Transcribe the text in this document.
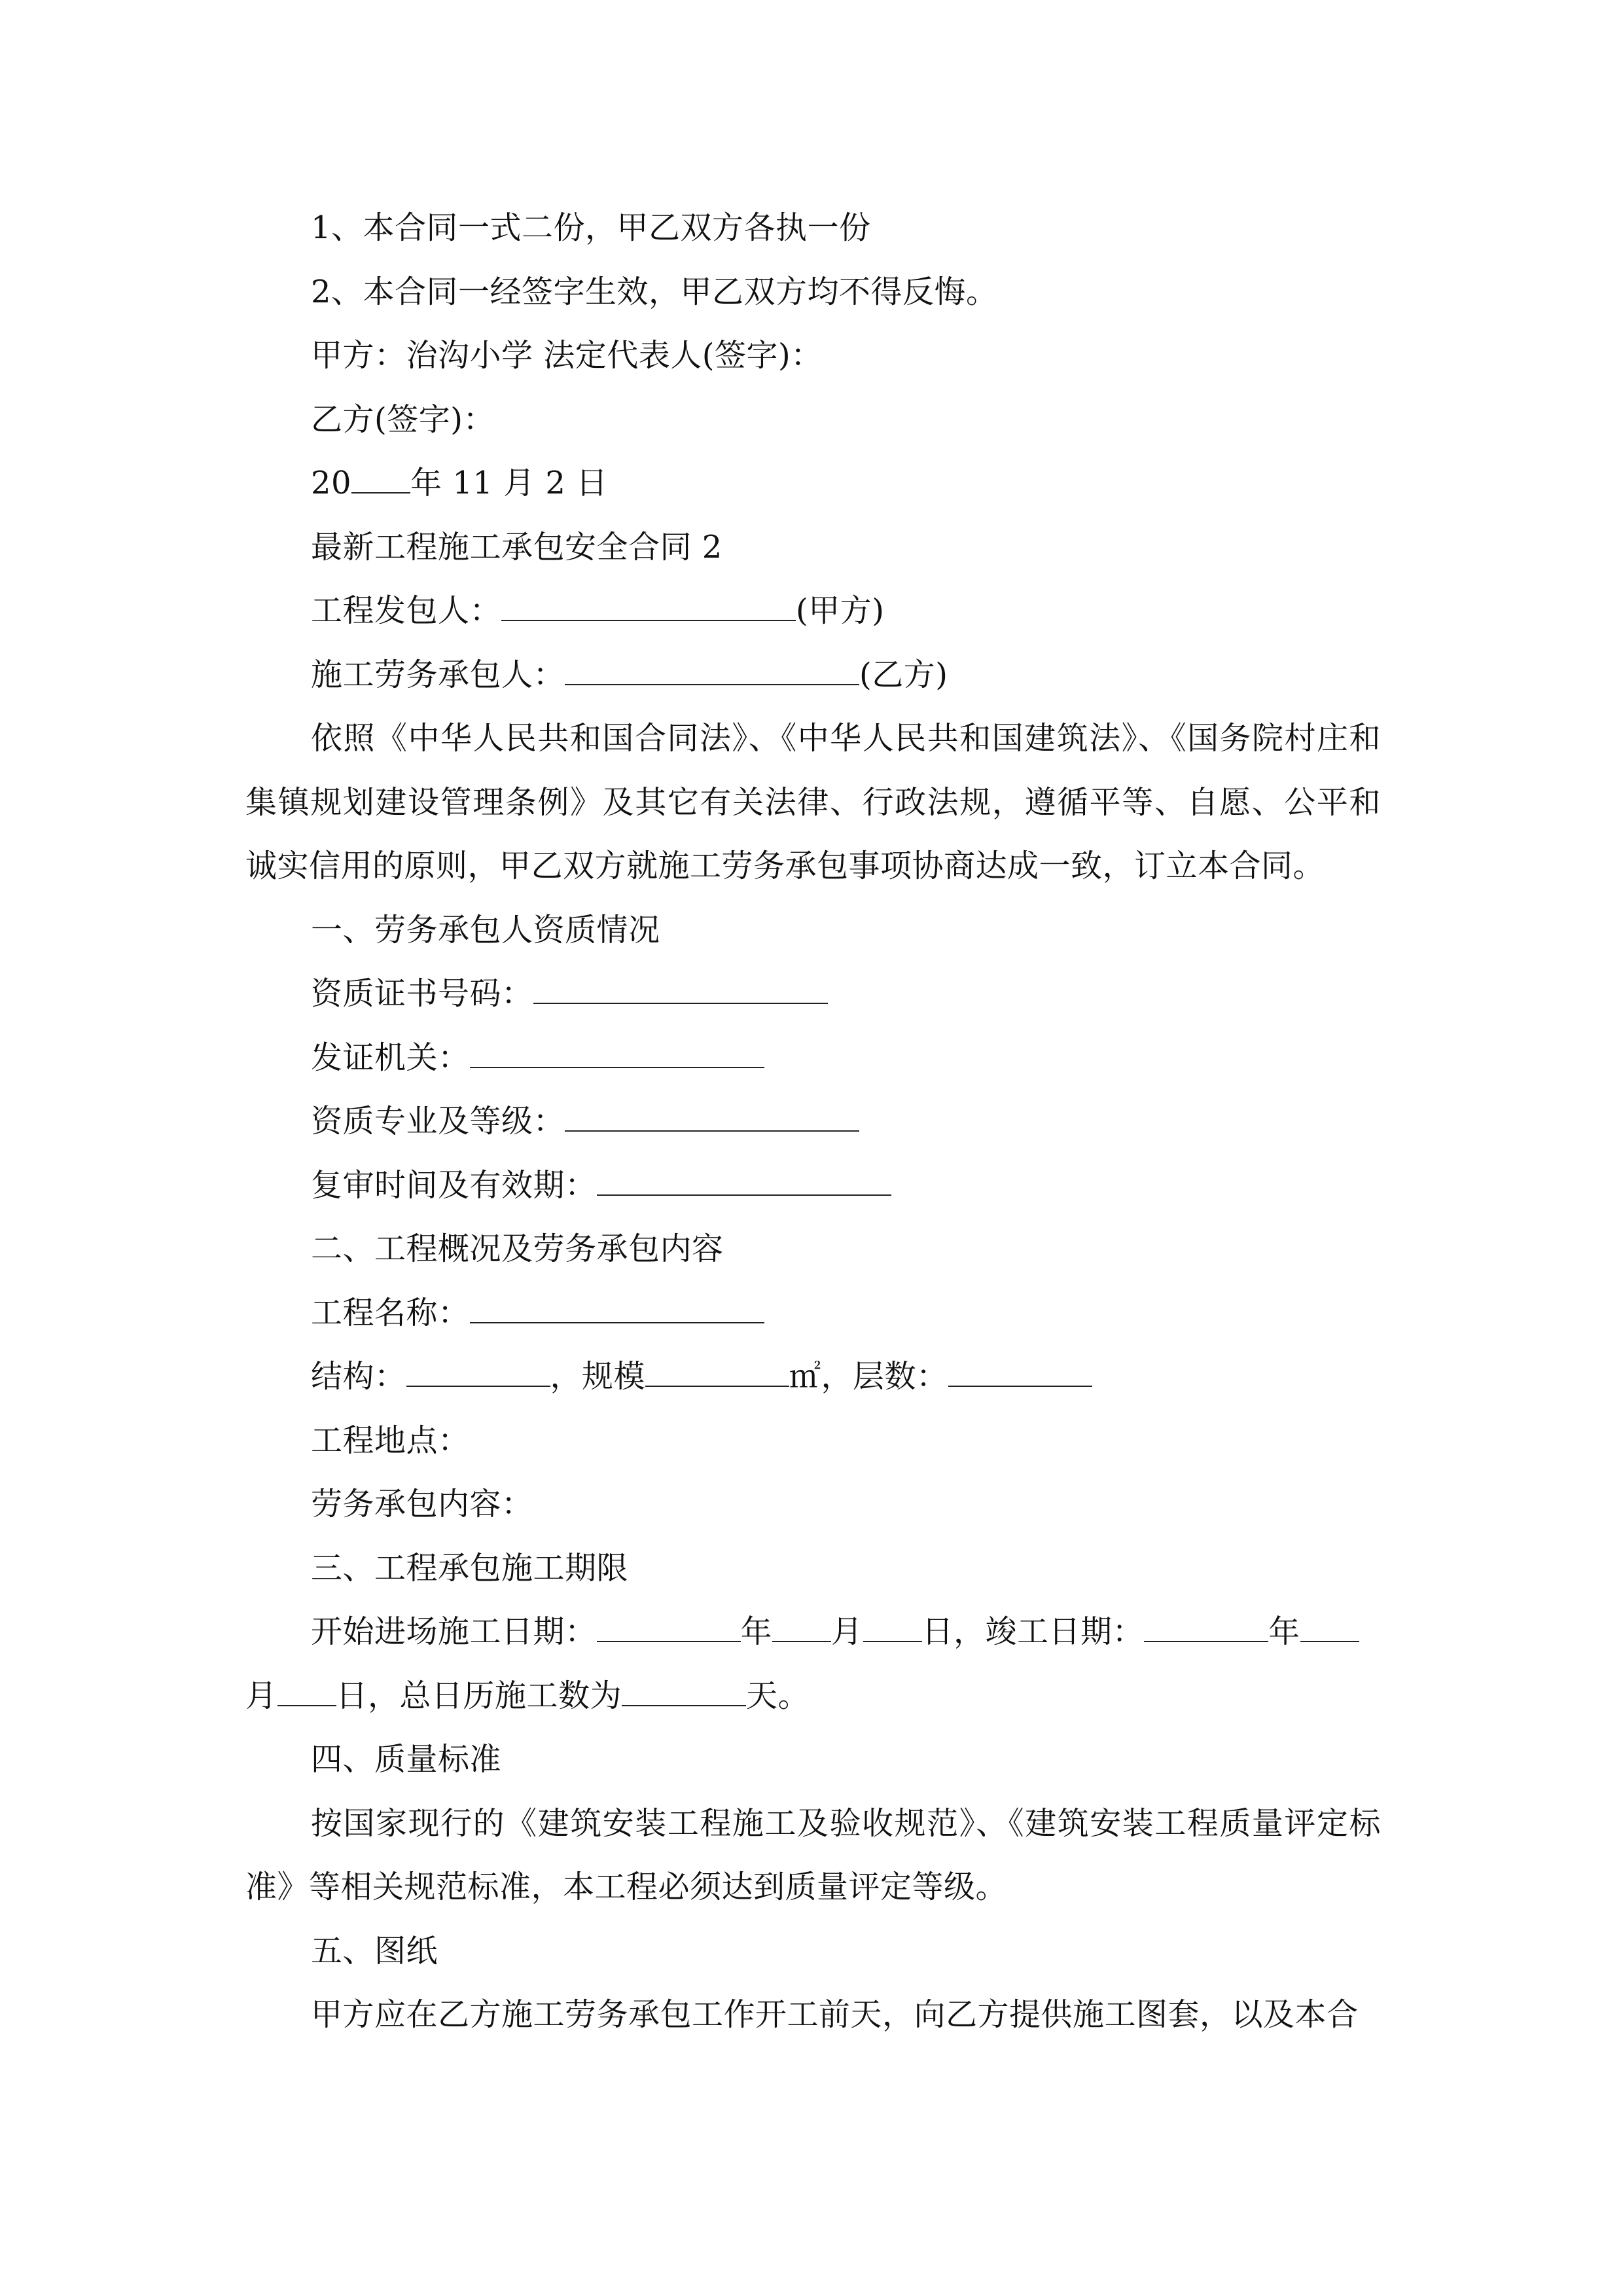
1、本合同一式二份，甲乙双方各执一份
2、本合同一经签字生效，甲乙双方均不得反悔。
甲方：治沟小学 法定代表人(签字)：
乙方(签字)：
20 年 11 月 2 日
最新工程施工承包安全合同 2
工程发包人：	(甲方)
施工劳务承包人：	(乙方)
依照《中华人民共和国合同法》、《中华人民共和国建筑法》、《国务院村庄和集镇规划建设管理条例》及其它有关法律、行政法规，遵循平等、自愿、公平和诚实信用的原则，甲乙双方就施工劳务承包事项协商达成一致，订立本合同。
一、劳务承包人资质情况
资质证书号码：
发证机关：
资质专业及等级：
复审时间及有效期：
二、工程概况及劳务承包内容
工程名称：
结构：	，规模	㎡，层数：
工程地点：
劳务承包内容：
三、工程承包施工期限
开始进场施工日期：	年 月 日，竣工日期：	年
月 日，总日历施工数为	天。
四、质量标准
按国家现行的《建筑安装工程施工及验收规范》、《建筑安装工程质量评定标准》等相关规范标准，本工程必须达到质量评定等级。
五、图纸
甲方应在乙方施工劳务承包工作开工前天，向乙方提供施工图套，以及本合
